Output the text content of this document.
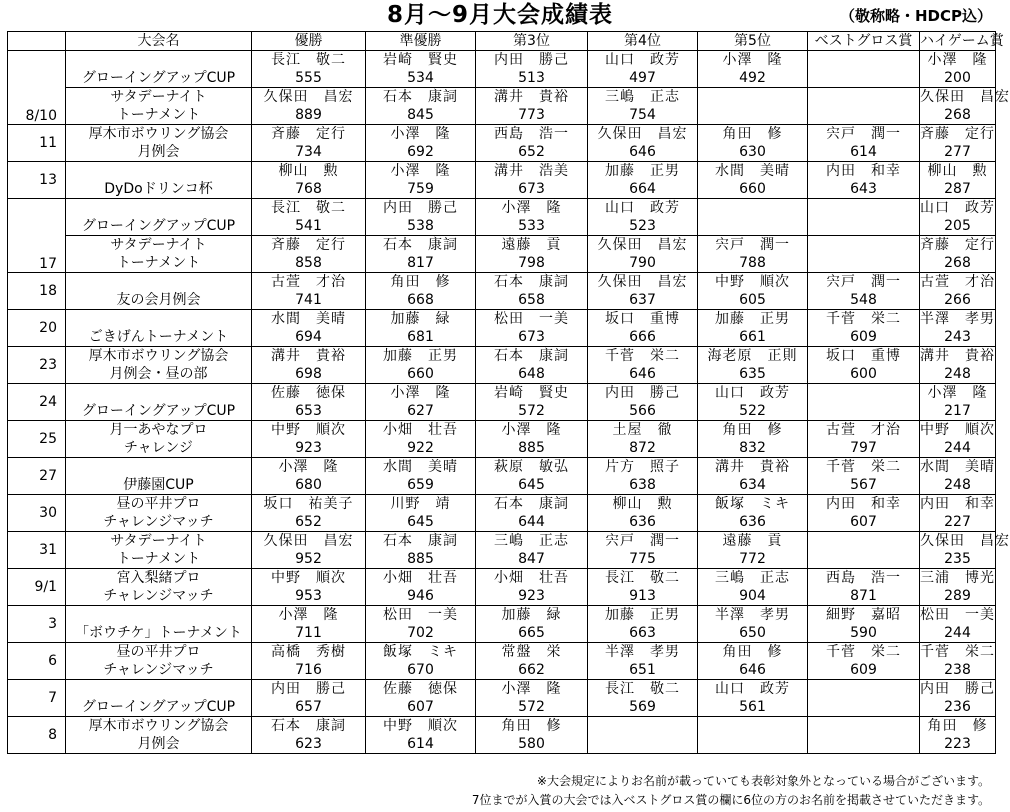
8月～9月大会成績表	（敬称略・HDCP込）
	大会名	優勝	準優勝	第3位	第4位	第5位	ベストグロス賞	ハイゲーム賞
8/10		長江　敬二	岩崎　賢史	内田　勝己	山口　政芳	小澤　隆		小澤　隆
	グローイングアップCUP	555	534	513	497	492		200
	サタデーナイト	久保田　昌宏	石本　康詞	溝井　貴裕	三嶋　正志			久保田　昌宏
	トーナメント	889	845	773	754			268
11	厚木市ボウリング協会	斉藤　定行	小澤　隆	西島　浩一	久保田　昌宏	角田　修	宍戸　潤一	斉藤　定行
	月例会	734	692	652	646	630	614	277
13		柳山　勲	小澤　隆	溝井　浩美	加藤　正男	水間　美晴	内田　和幸	柳山　勲
	DyDoドリンコ杯	768	759	673	664	660	643	287
17		長江　敬二	内田　勝己	小澤　隆	山口　政芳			山口　政芳
	グローイングアップCUP	541	538	533	523			205
	サタデーナイト	斉藤　定行	石本　康詞	遠藤　貢	久保田　昌宏	宍戸　潤一		斉藤　定行
	トーナメント	858	817	798	790	788		268
18		古萱　才治	角田　修	石本　康詞	久保田　昌宏	中野　順次	宍戸　潤一	古萱　才治
	友の会月例会	741	668	658	637	605	548	266
20		水間　美晴	加藤　緑	松田　一美	坂口　重博	加藤　正男	千菅　栄二	半澤　孝男
	ごきげんトーナメント	694	681	673	666	661	609	243
23	厚木市ボウリング協会	溝井　貴裕	加藤　正男	石本　康詞	千菅　栄二	海老原　正則	坂口　重博	溝井　貴裕
	月例会・昼の部	698	660	648	646	635	600	248
24		佐藤　徳保	小澤　隆	岩崎　賢史	内田　勝己	山口　政芳		小澤　隆
	グローイングアップCUP	653	627	572	566	522		217
25	月一あやなプロ	中野　順次	小畑　壮吾	小澤　隆	土屋　徹	角田　修	古萱　才治	中野　順次
	チャレンジ	923	922	885	872	832	797	244
27		小澤　隆	水間　美晴	萩原　敏弘	片方　照子	溝井　貴裕	千菅　栄二	水間　美晴
	伊藤園CUP	680	659	645	638	634	567	248
30	昼の平井プロ	坂口　祐美子	川野　靖	石本　康詞	柳山　勲	飯塚　ミキ	内田　和幸	内田　和幸
	チャレンジマッチ	652	645	644	636	636	607	227
31	サタデーナイト	久保田　昌宏	石本　康詞	三嶋　正志	宍戸　潤一	遠藤　貢		久保田　昌宏
	トーナメント	952	885	847	775	772		235
9/1	宮入梨緒プロ	中野　順次	小畑　壮吾	小畑　壮吾	長江　敬二	三嶋　正志	西島　浩一	三浦　博光
	チャレンジマッチ	953	946	923	913	904	871	289
3		小澤　隆	松田　一美	加藤　緑	加藤　正男	半澤　孝男	細野　嘉昭	松田　一美
	「ボウチケ」トーナメント	711	702	665	663	650	590	244
6	昼の平井プロ	高橋　秀樹	飯塚　ミキ	常盤　栄	半澤　孝男	角田　修	千菅　栄二	千菅　栄二
	チャレンジマッチ	716	670	662	651	646	609	238
7		内田　勝己	佐藤　徳保	小澤　隆	長江　敬二	山口　政芳		内田　勝己
	グローイングアップCUP	657	607	572	569	561		236
8	厚木市ボウリング協会	石本　康詞	中野　順次	角田　修				角田　修
	月例会	623	614	580				223
※大会規定によりお名前が載っていても表彰対象外となっている場合がございます。
7位までが入賞の大会では入ベストグロス賞の欄に6位の方のお名前を掲載させていただきます。
